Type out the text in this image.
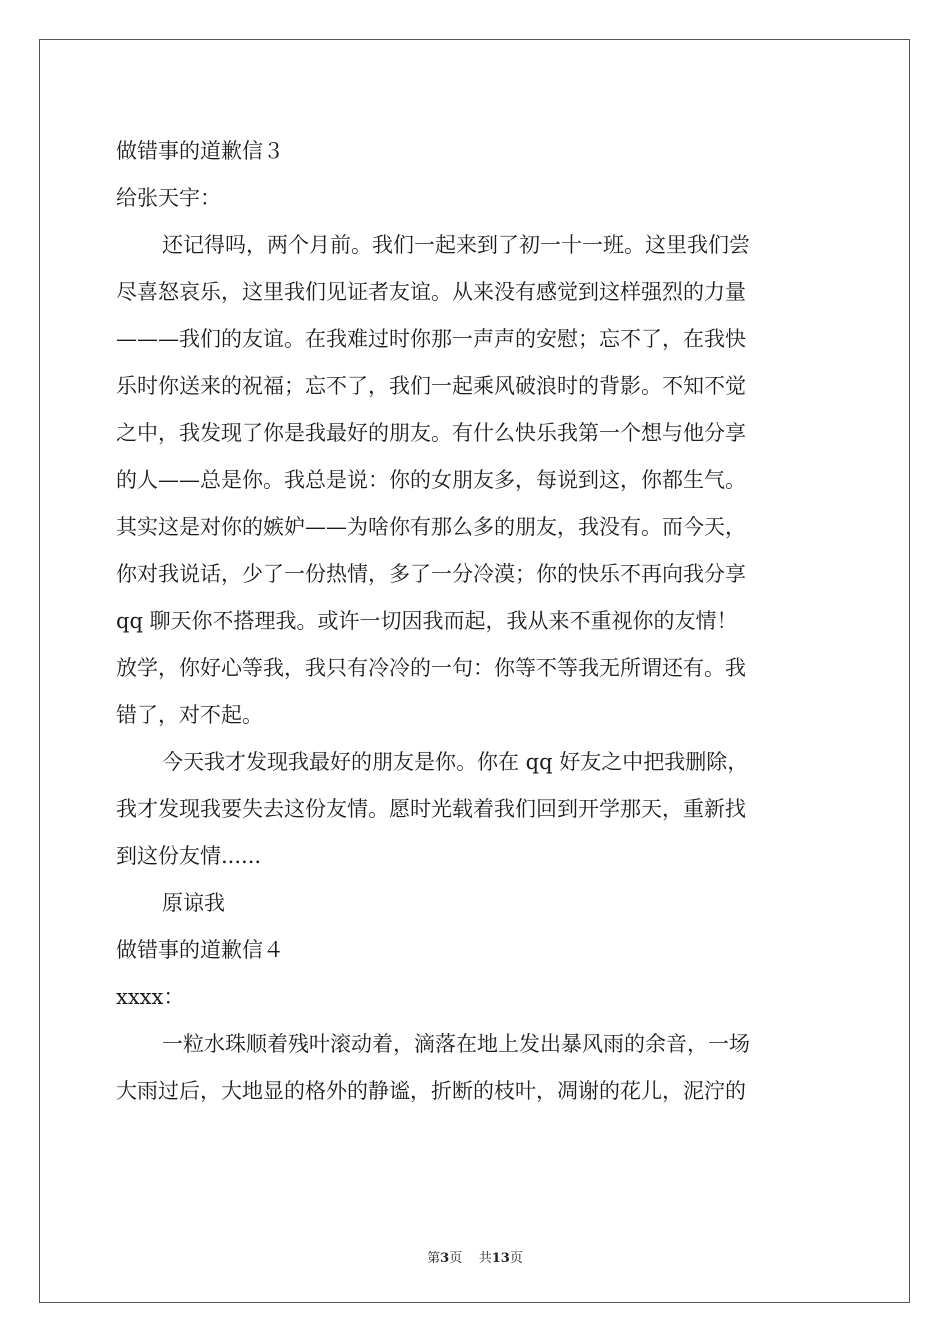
做错事的道歉信３
给张天宇：
还记得吗，两个月前。我们一起来到了初一十一班。这里我们尝
尽喜怒哀乐，这里我们见证者友谊。从来没有感觉到这样强烈的力量
———我们的友谊。在我难过时你那一声声的安慰；忘不了，在我快
乐时你送来的祝福；忘不了，我们一起乘风破浪时的背影。不知不觉
之中，我发现了你是我最好的朋友。有什么快乐我第一个想与他分享
的人——总是你。我总是说：你的女朋友多，每说到这，你都生气。
其实这是对你的嫉妒——为啥你有那么多的朋友，我没有。而今天，
你对我说话，少了一份热情，多了一分冷漠；你的快乐不再向我分享
qq 聊天你不搭理我。或许一切因我而起，我从来不重视你的友情！
放学，你好心等我，我只有冷冷的一句：你等不等我无所谓还有。我
错了，对不起。
今天我才发现我最好的朋友是你。你在 qq 好友之中把我删除，
我才发现我要失去这份友情。愿时光载着我们回到开学那天，重新找
到这份友情......
原谅我
做错事的道歉信４
xxxx：
一粒水珠顺着残叶滚动着，滴落在地上发出暴风雨的余音，一场
大雨过后，大地显的格外的静谧，折断的枝叶，凋谢的花儿，泥泞的
第3页 共13页
